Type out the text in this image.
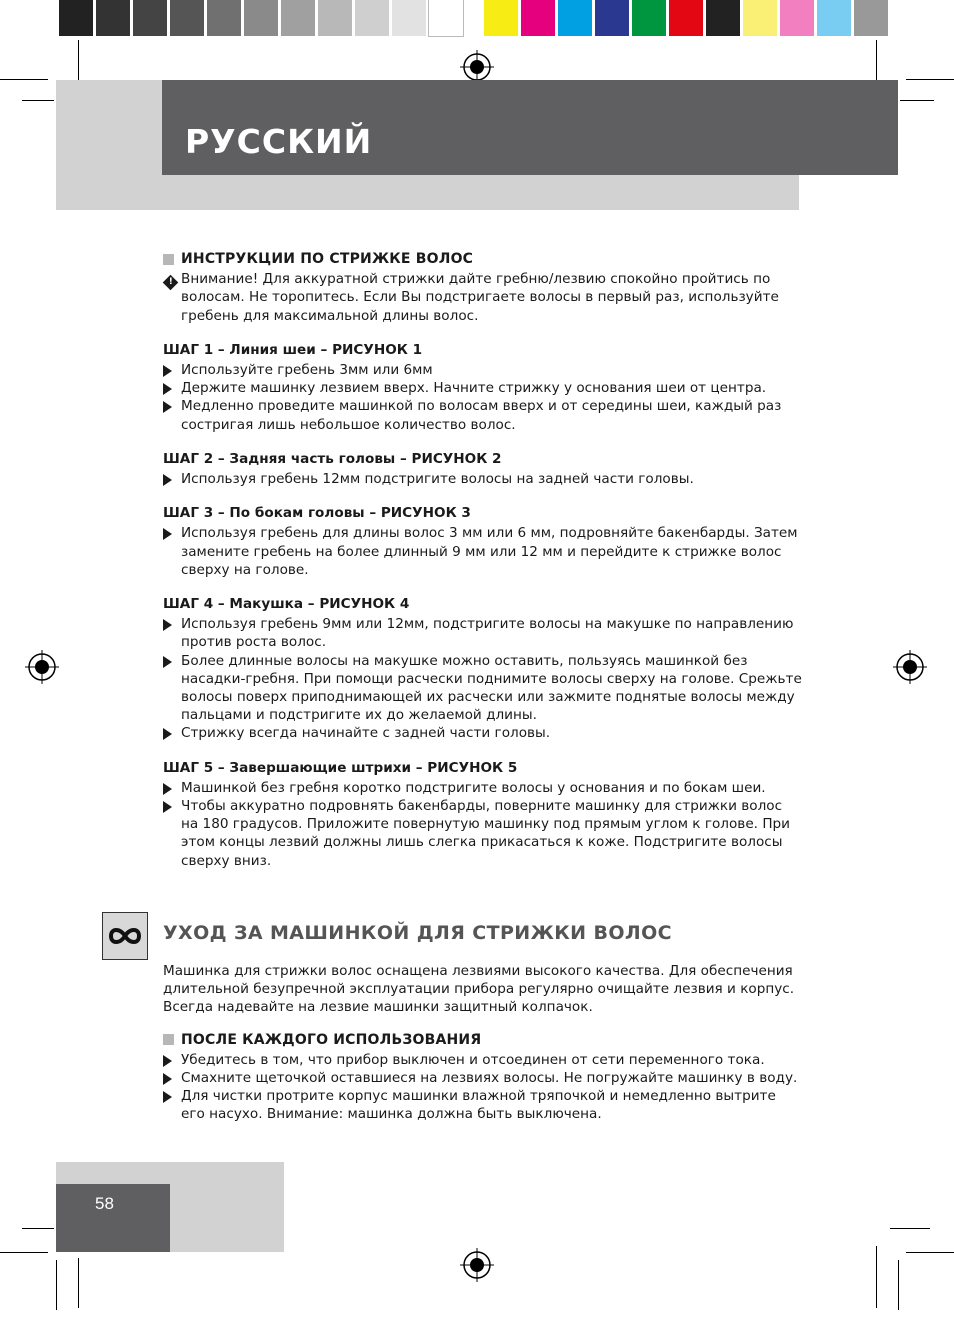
РУССКИЙ
ИНСТРУКЦИИ ПО СТРИЖКЕ ВОЛОС
! Внимание! Для аккуратной стрижки дайте гребню/лезвию спокойно пройтись по волосам. Не торопитесь. Если Вы подстригаете волосы в первый раз, используйте гребень для максимальной длины волос.
ШАГ 1 – Линия шеи – РИСУНОК 1
Используйте гребень 3мм или 6мм
Держите машинку лезвием вверх. Начните стрижку у основания шеи от центра.
Медленно проведите машинкой по волосам вверх и от середины шеи, каждый раз состригая лишь небольшое количество волос.
ШАГ 2 – Задняя часть головы – РИСУНОК 2
Используя гребень 12мм подстригите волосы на задней части головы.
ШАГ 3 – По бокам головы – РИСУНОК 3
Используя гребень для длины волос 3 мм или 6 мм, подровняйте бакенбарды. Затем замените гребень на более длинный 9 мм или 12 мм и перейдите к стрижке волос сверху на голове.
ШАГ 4 – Макушка – РИСУНОК 4
Используя гребень 9мм или 12мм, подстригите волосы на макушке по направлению против роста волос.
Более длинные волосы на макушке можно оставить, пользуясь машинкой без насадки-гребня. При помощи расчески поднимите волосы сверху на голове. Срежьте волосы поверх приподнимающей их расчески или зажмите поднятые волосы между пальцами и подстригите их до желаемой длины.
Стрижку всегда начинайте с задней части головы.
ШАГ 5 – Завершающие штрихи – РИСУНОК 5
Машинкой без гребня коротко подстригите волосы у основания и по бокам шеи.
Чтобы аккуратно подровнять бакенбарды, поверните машинку для стрижки волос на 180 градусов. Приложите повернутую машинку под прямым углом к голове. При этом концы лезвий должны лишь слегка прикасаться к коже. Подстригите волосы сверху вниз.
УХОД ЗА МАШИНКОЙ ДЛЯ СТРИЖКИ ВОЛОС

Машинка для стрижки волос оснащена лезвиями высокого качества. Для обеспечения длительной безупречной эксплуатации прибора регулярно очищайте лезвия и корпус. Всегда надевайте на лезвие машинки защитный колпачок.

ПОСЛЕ КАЖДОГО ИСПОЛЬЗОВАНИЯ
Убедитесь в том, что прибор выключен и отсоединен от сети переменного тока.
Смахните щеточкой оставшиеся на лезвиях волосы. Не погружайте машинку в воду.
Для чистки протрите корпус машинки влажной тряпочкой и немедленно вытрите его насухо. Внимание: машинка должна быть выключена.
58
